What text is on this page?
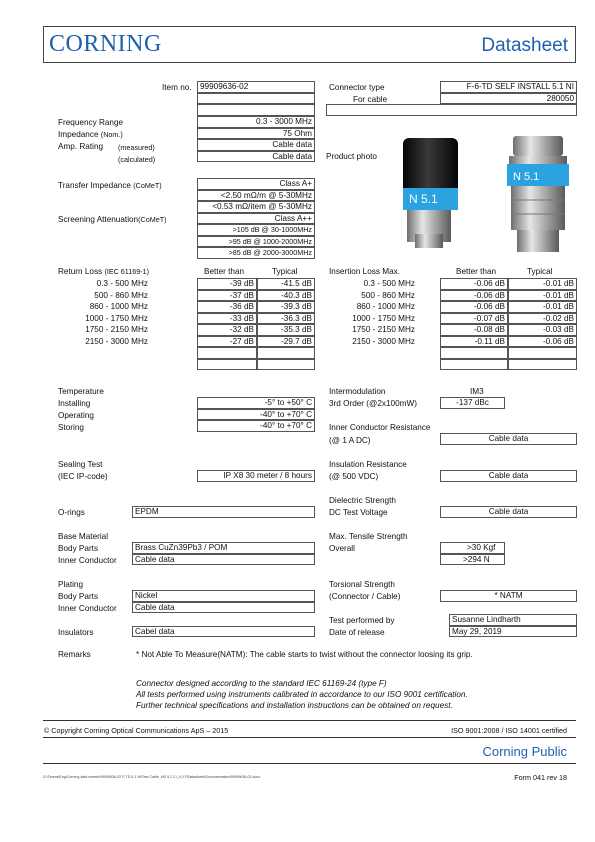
CORNING	Datasheet
Item no.	99909636-02	Connector type	F-6-TD SELF INSTALL 5.1 NI
For cable	280050
Frequency Range	0.3 - 3000 MHz
Impedance (Nom.)	75 Ohm
Amp. Rating (measured)	Cable data
(calculated)	Cable data	Product photo
N 5.1
N 5.1
Transfer Impedance (CoMeT)	Class A+
<2.50 mΩ/m @ 5-30MHz
<0.53 mΩ/item @ 5-30MHz
Screening Attenuation(CoMeT)	Class A++
>105 dB @ 30-1000MHz
>95 dB @ 1000-2000MHz
>85 dB @ 2000-3000MHz
Return Loss (IEC 61169-1)	Better than	Typical
0.3 - 500 MHz	-39 dB	-41.5 dB
500 - 860 MHz	-37 dB	-40.3 dB
860 - 1000 MHz	-36 dB	-39.3 dB
1000 - 1750 MHz	-33 dB	-36.3 dB
1750 - 2150 MHz	-32 dB	-35.3 dB
2150 - 3000 MHz	-27 dB	-29.7 dB
Insertion Loss Max.	Better than	Typical
0.3 - 500 MHz	-0.06 dB	-0.01 dB
500 - 860 MHz	-0.06 dB	-0.01 dB
860 - 1000 MHz	-0.06 dB	-0.01 dB
1000 - 1750 MHz	-0.07 dB	-0.02 dB
1750 - 2150 MHz	-0.08 dB	-0.03 dB
2150 - 3000 MHz	-0.11 dB	-0.06 dB
Temperature
Installing	-5° to +50° C
Operating	-40° to +70° C
Storing	-40° to +70° C
Intermodulation	IM3
3rd Order (@2x100mW)	-137 dBc
Inner Conductor Resistance
(@ 1 A DC)	Cable data
Sealing Test
(IEC IP-code)	IP X8 30 meter / 8 hours
Insulation Resistance
(@ 500 VDC)	Cable data
Dielectric Strength
DC Test Voltage	Cable data
O-rings	EPDM
Base Material
Body Parts	Brass CuZn39Pb3 / POM
Inner Conductor	Cable data
Max. Tensile Strength
Overall	>30 Kgf
>294 N
Plating
Body Parts	Nickel
Inner Conductor	Cable data
Torsional Strength
(Connector / Cable)	* NATM
Test performed by	Susanne Lindharth
Insulators	Cabel data	Date of release	May 29, 2019
Remarks	* Not Able To Measure(NATM): The cable starts to twist without the connector loosing its grip.
Connector designed according to the standard IEC 61169-24 (type F)
All tests performed using instruments calibrated in accordance to our ISO 9001 certification.
Further technical specifications and installation instructions can be obtained on request.
© Copyright Corning Optical Communications ApS – 2015	ISO 9001:2008 / ISO 14001 certified
Corning Public
G:\Teams\Eng\Corning data sheets\99909636-02 F-TD 5.1 NI\Test Cable_HD 5.1 CI_4.0 F\Datasheet\Documentation\99909636-02.docx	Form 041 rev 18
